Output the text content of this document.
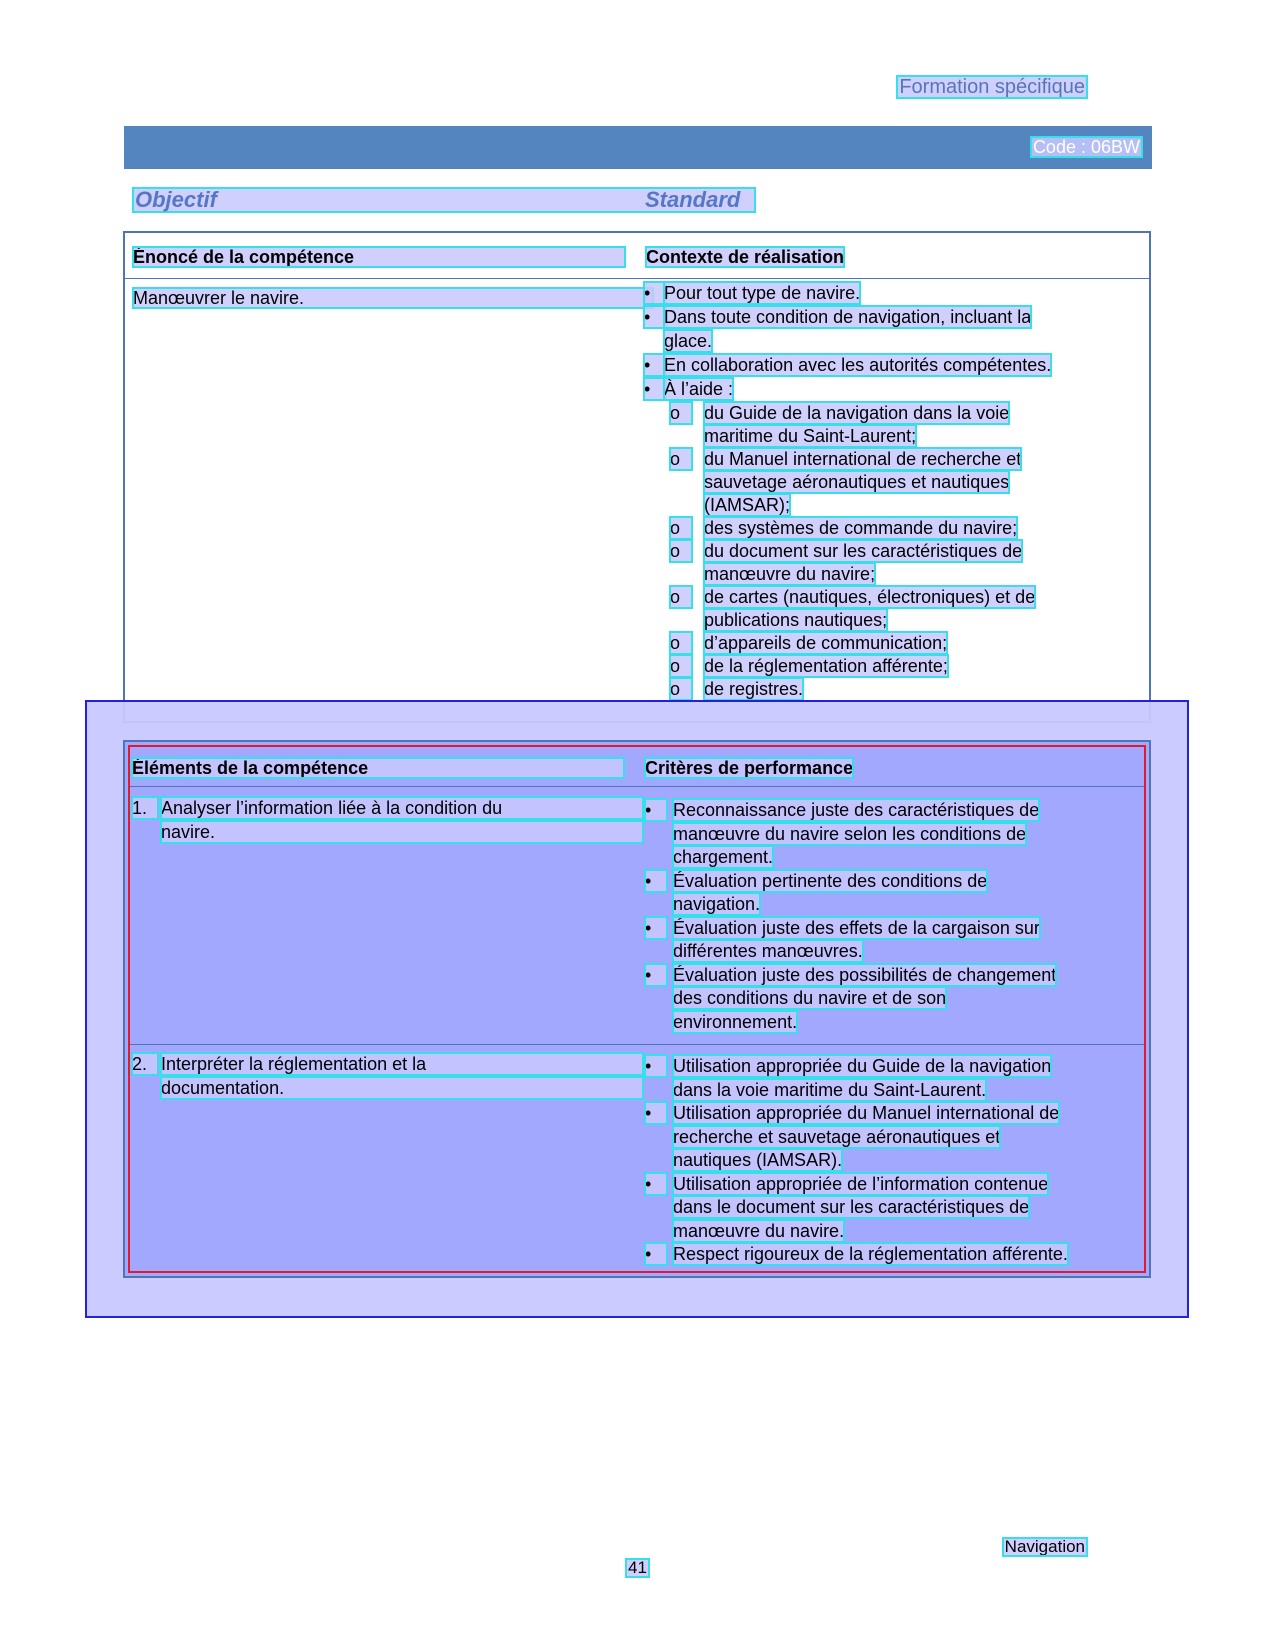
Formation spécifique
Code : 06BW
Objectif	Standard
Énoncé de la compétence	Contexte de réalisation
Manœuvrer le navire.	• Pour tout type de navire.
• Dans toute condition de navigation, incluant la
glace.
• En collaboration avec les autorités compétentes.
• À l’aide :
o	du Guide de la navigation dans la voie
maritime du Saint-Laurent;
o	du Manuel international de recherche et
sauvetage aéronautiques et nautiques
(IAMSAR);
o	des systèmes de commande du navire;
o	du document sur les caractéristiques de
manœuvre du navire;
o	de cartes (nautiques, électroniques) et de
publications nautiques;
o	d’appareils de communication;
o	de la réglementation afférente;
o	de registres.
Éléments de la compétence	Critères de performance
1. Analyser l’information liée à la condition du
navire.
•	Reconnaissance juste des caractéristiques de
manœuvre du navire selon les conditions de
chargement.
•	Évaluation pertinente des conditions de
navigation.
•	Évaluation juste des effets de la cargaison sur
différentes manœuvres.
•	Évaluation juste des possibilités de changement
des conditions du navire et de son
environnement.
2. Interpréter la réglementation et la
documentation.
•	Utilisation appropriée du Guide de la navigation
dans la voie maritime du Saint-Laurent.
•	Utilisation appropriée du Manuel international de
recherche et sauvetage aéronautiques et
nautiques (IAMSAR).
•	Utilisation appropriée de l’information contenue
dans le document sur les caractéristiques de
manœuvre du navire.
•	Respect rigoureux de la réglementation afférente.
Navigation
41
